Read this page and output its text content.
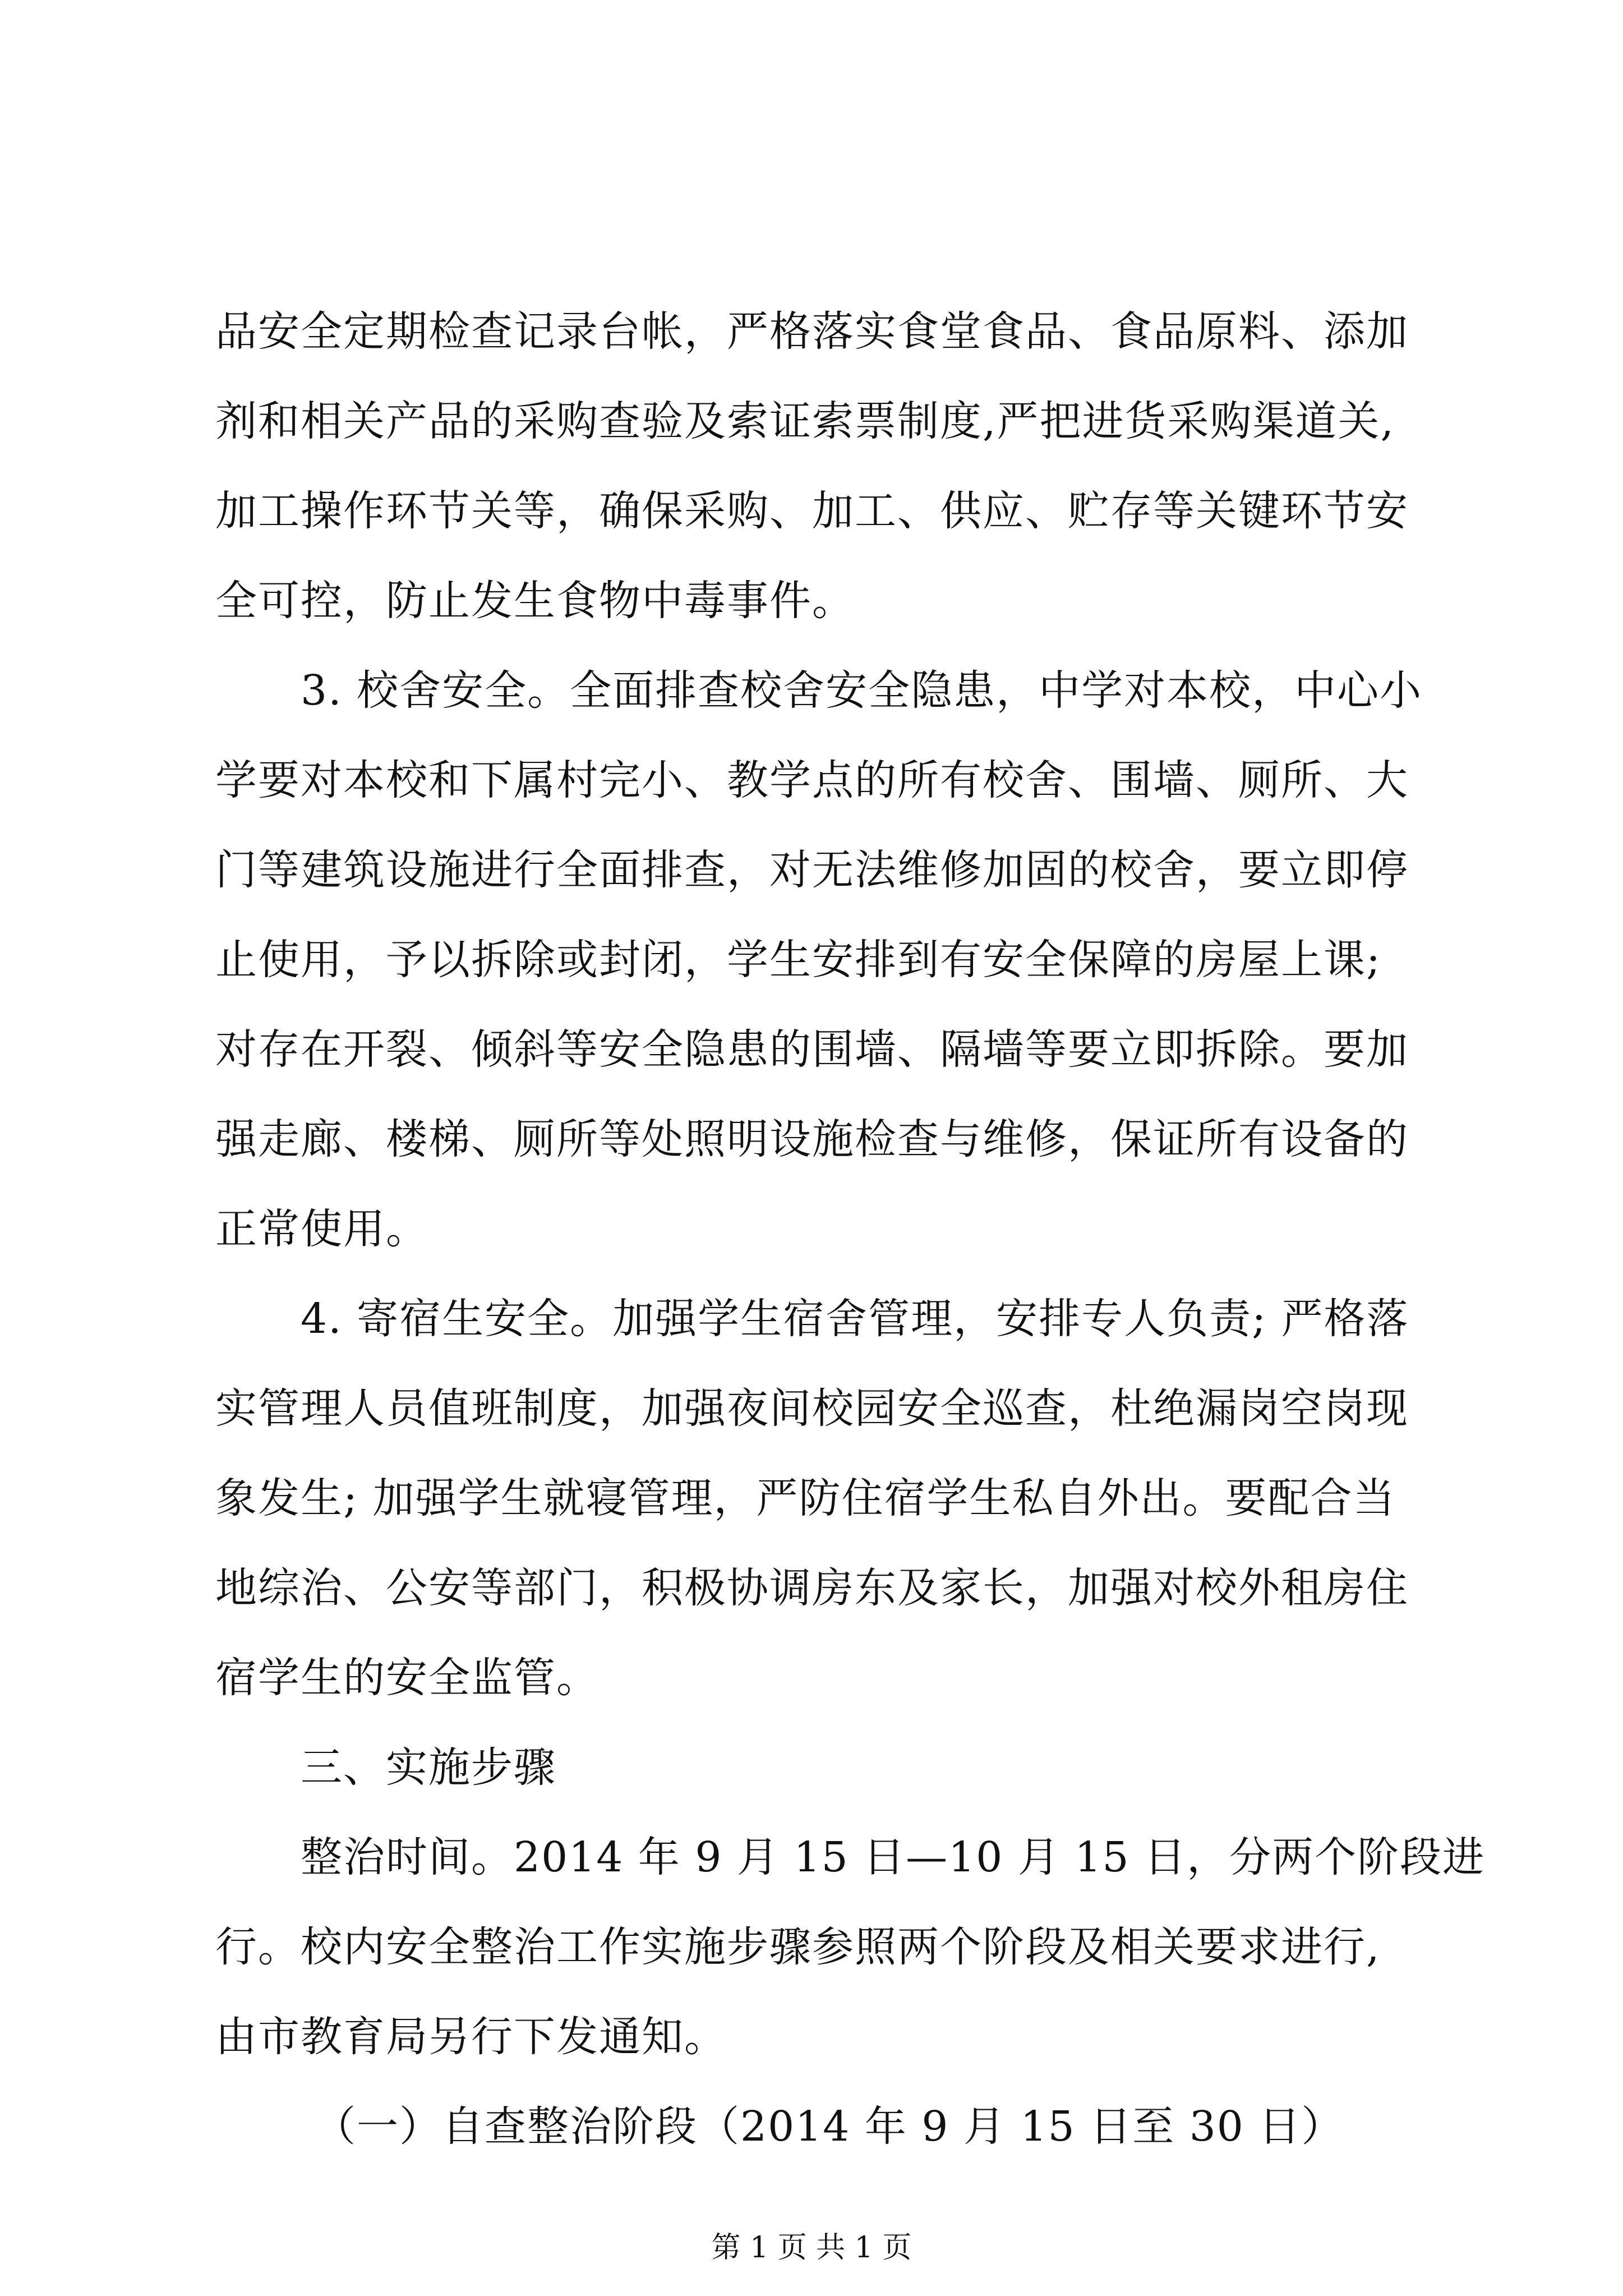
品安全定期检查记录台帐，严格落实食堂食品、食品原料、添加
剂和相关产品的采购查验及索证索票制度,严把进货采购渠道关,
加工操作环节关等，确保采购、加工、供应、贮存等关键环节安
全可控，防止发生食物中毒事件。
3. 校舍安全。全面排查校舍安全隐患，中学对本校，中心小
学要对本校和下属村完小、教学点的所有校舍、围墙、厕所、大
门等建筑设施进行全面排查，对无法维修加固的校舍，要立即停
止使用，予以拆除或封闭，学生安排到有安全保障的房屋上课;
对存在开裂、倾斜等安全隐患的围墙、隔墙等要立即拆除。要加
强走廊、楼梯、厕所等处照明设施检查与维修，保证所有设备的
正常使用。
4. 寄宿生安全。加强学生宿舍管理，安排专人负责; 严格落
实管理人员值班制度，加强夜间校园安全巡查，杜绝漏岗空岗现
象发生; 加强学生就寝管理，严防住宿学生私自外出。要配合当
地综治、公安等部门，积极协调房东及家长，加强对校外租房住
宿学生的安全监管。
三、实施步骤
整治时间。2014 年 9 月 15 日—10 月 15 日，分两个阶段进
行。校内安全整治工作实施步骤参照两个阶段及相关要求进行,
由市教育局另行下发通知。
（一）自查整治阶段（2014 年 9 月 15 日至 30 日）
第 1 页 共 1 页
